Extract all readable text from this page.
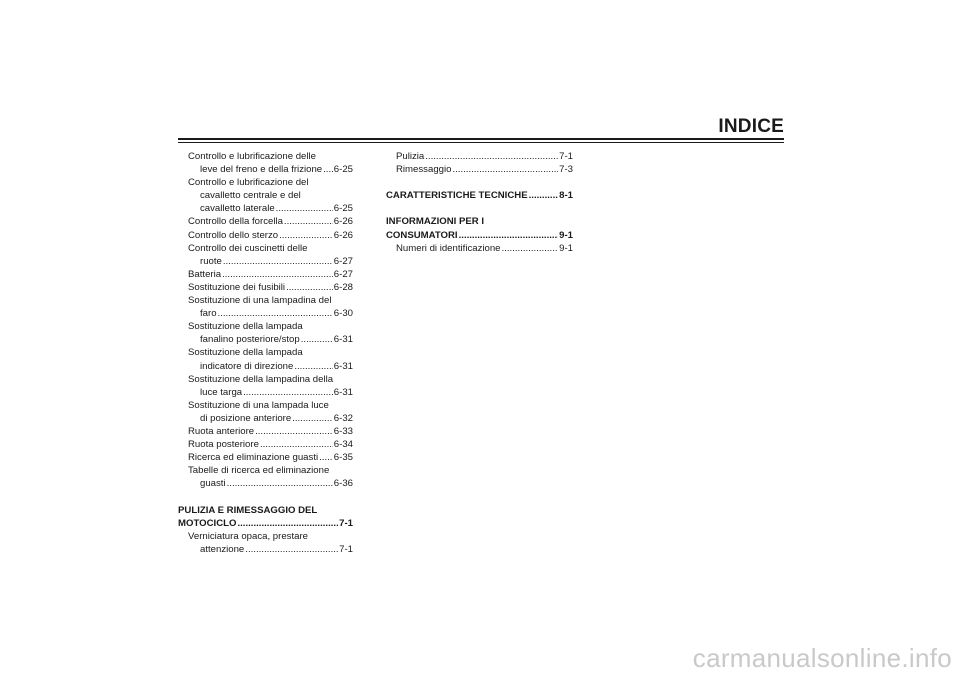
INDICE
Controllo e lubrificazione delle
leve del freno e della frizione ..... 6-25
Controllo e lubrificazione del
cavalletto centrale e del
cavalletto laterale .....	6-25
Controllo della forcella .....	6-26
Controllo dello sterzo .....	6-26
Controllo dei cuscinetti delle
ruote .....	6-27
Batteria .....	6-27
Sostituzione dei fusibili .....	6-28
Sostituzione di una lampadina del
faro .....	6-30
Sostituzione della lampada
fanalino posteriore/stop .....	6-31
Sostituzione della lampada
indicatore di direzione .....	6-31
Sostituzione della lampadina della
luce targa .....	6-31
Sostituzione di una lampada luce
di posizione anteriore .....	6-32
Ruota anteriore .....	6-33
Ruota posteriore .....	6-34
Ricerca ed eliminazione guasti ..... 6-35
Tabelle di ricerca ed eliminazione
guasti .....	6-36
PULIZIA E RIMESSAGGIO DEL
MOTOCICLO .....	7-1
Verniciatura opaca, prestare
attenzione .....	7-1
Pulizia .....	7-1
Rimessaggio .....	7-3
CARATTERISTICHE TECNICHE .....	8-1
INFORMAZIONI PER I
CONSUMATORI .....	9-1
Numeri di identificazione .....	9-1
carmanualsonline.info
